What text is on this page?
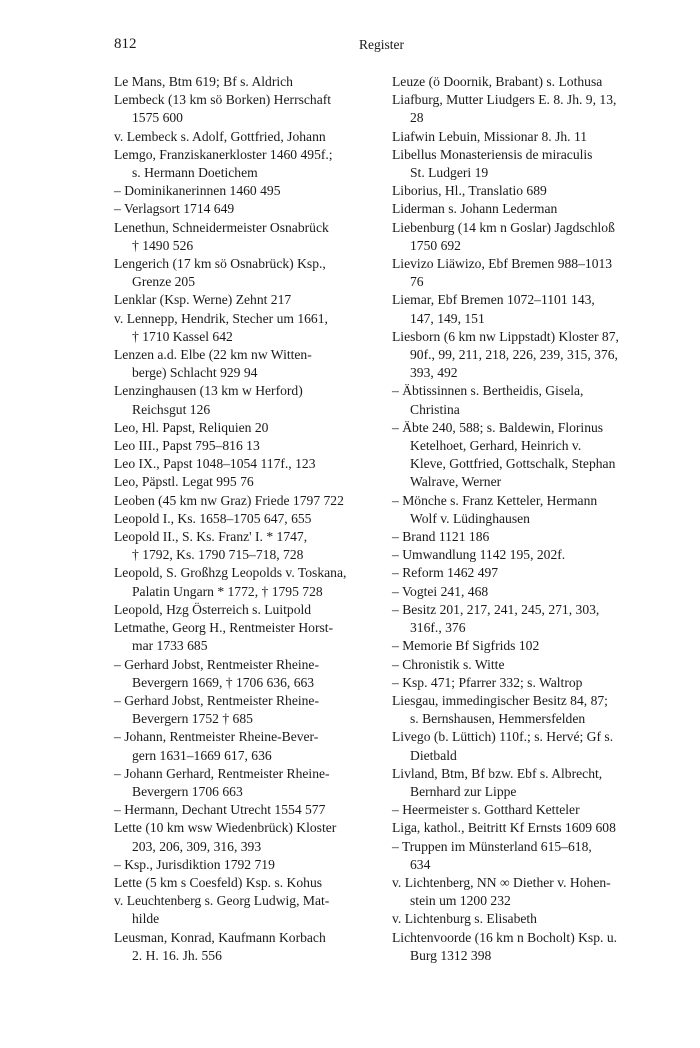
812	Register
Le Mans, Btm 619; Bf s. Aldrich
Lembeck (13 km sö Borken) Herrschaft
1575 600
v. Lembeck s. Adolf, Gottfried, Johann
Lemgo, Franziskanerkloster 1460 495f.;
s. Hermann Doetichem
– Dominikanerinnen 1460 495
– Verlagsort 1714 649
Lenethun, Schneidermeister Osnabrück
† 1490 526
Lengerich (17 km sö Osnabrück) Ksp.,
Grenze 205
Lenklar (Ksp. Werne) Zehnt 217
v. Lennepp, Hendrik, Stecher um 1661,
† 1710 Kassel 642
Lenzen a.d. Elbe (22 km nw Witten-
berge) Schlacht 929 94
Lenzinghausen (13 km w Herford)
Reichsgut 126
Leo, Hl. Papst, Reliquien 20
Leo III., Papst 795–816 13
Leo IX., Papst 1048–1054 117f., 123
Leo, Päpstl. Legat 995 76
Leoben (45 km nw Graz) Friede 1797 722
Leopold I., Ks. 1658–1705 647, 655
Leopold II., S. Ks. Franz' I. * 1747,
† 1792, Ks. 1790 715–718, 728
Leopold, S. Großhzg Leopolds v. Toskana,
Palatin Ungarn * 1772, † 1795 728
Leopold, Hzg Österreich s. Luitpold
Letmathe, Georg H., Rentmeister Horst-
mar 1733 685
– Gerhard Jobst, Rentmeister Rheine-
Bevergern 1669, † 1706 636, 663
– Gerhard Jobst, Rentmeister Rheine-
Bevergern 1752 † 685
– Johann, Rentmeister Rheine-Bever-
gern 1631–1669 617, 636
– Johann Gerhard, Rentmeister Rheine-
Bevergern 1706 663
– Hermann, Dechant Utrecht 1554 577
Lette (10 km wsw Wiedenbrück) Kloster
203, 206, 309, 316, 393
– Ksp., Jurisdiktion 1792 719
Lette (5 km s Coesfeld) Ksp. s. Kohus
v. Leuchtenberg s. Georg Ludwig, Mat-
hilde
Leusman, Konrad, Kaufmann Korbach
2. H. 16. Jh. 556
Leuze (ö Doornik, Brabant) s. Lothusa
Liafburg, Mutter Liudgers E. 8. Jh. 9, 13,
28
Liafwin Lebuin, Missionar 8. Jh. 11
Libellus Monasteriensis de miraculis
St. Ludgeri 19
Liborius, Hl., Translatio 689
Liderman s. Johann Lederman
Liebenburg (14 km n Goslar) Jagdschloß
1750 692
Lievizo Liäwizo, Ebf Bremen 988–1013
76
Liemar, Ebf Bremen 1072–1101 143,
147, 149, 151
Liesborn (6 km nw Lippstadt) Kloster 87,
90f., 99, 211, 218, 226, 239, 315, 376,
393, 492
– Äbtissinnen s. Bertheidis, Gisela,
Christina
– Äbte 240, 588; s. Baldewin, Florinus
Ketelhoet, Gerhard, Heinrich v.
Kleve, Gottfried, Gottschalk, Stephan
Walrave, Werner
– Mönche s. Franz Ketteler, Hermann
Wolf v. Lüdinghausen
– Brand 1121 186
– Umwandlung 1142 195, 202f.
– Reform 1462 497
– Vogtei 241, 468
– Besitz 201, 217, 241, 245, 271, 303,
316f., 376
– Memorie Bf Sigfrids 102
– Chronistik s. Witte
– Ksp. 471; Pfarrer 332; s. Waltrop
Liesgau, immedingischer Besitz 84, 87;
s. Bernshausen, Hemmersfelden
Livego (b. Lüttich) 110f.; s. Hervé; Gf s.
Dietbald
Livland, Btm, Bf bzw. Ebf s. Albrecht,
Bernhard zur Lippe
– Heermeister s. Gotthard Ketteler
Liga, kathol., Beitritt Kf Ernsts 1609 608
– Truppen im Münsterland 615–618,
634
v. Lichtenberg, NN ∞ Diether v. Hohen-
stein um 1200 232
v. Lichtenburg s. Elisabeth
Lichtenvoorde (16 km n Bocholt) Ksp. u.
Burg 1312 398
